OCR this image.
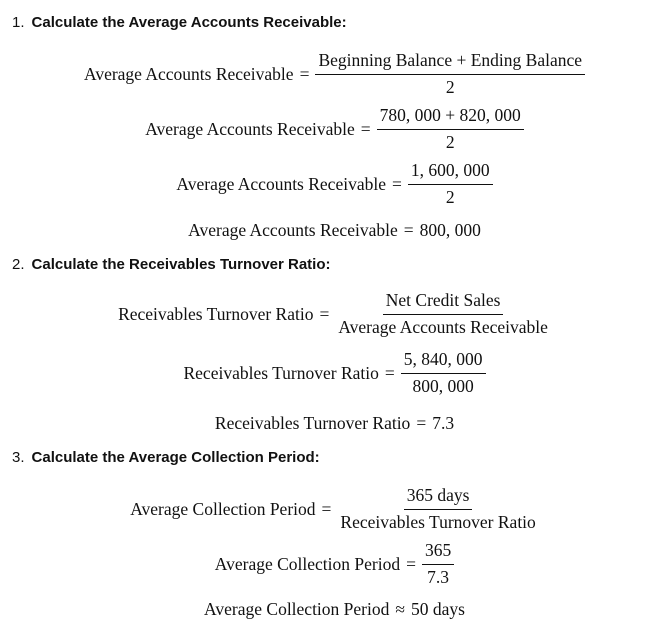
1. Calculate the Average Accounts Receivable:
Average Accounts Receivable = $\frac{\text{Beginning Balance + Ending Balance}}{2}$
Average Accounts Receivable = $\frac{780, 000 + 820, 000}{2}$
Average Accounts Receivable = $\frac{1, 600, 000}{2}$
Average Accounts Receivable = 800, 000
2. Calculate the Receivables Turnover Ratio:
Receivables Turnover Ratio = $\frac{\text{Net Credit Sales}}{\text{Average Accounts Receivable}}$
Receivables Turnover Ratio = $\frac{5, 840, 000}{800, 000}$
Receivables Turnover Ratio = 7.3
3. Calculate the Average Collection Period:
Average Collection Period = $\frac{\text{365 days}}{\text{Receivables Turnover Ratio}}$
Average Collection Period = $\frac{365}{7.3}$
Average Collection Period ≈ 50 days
